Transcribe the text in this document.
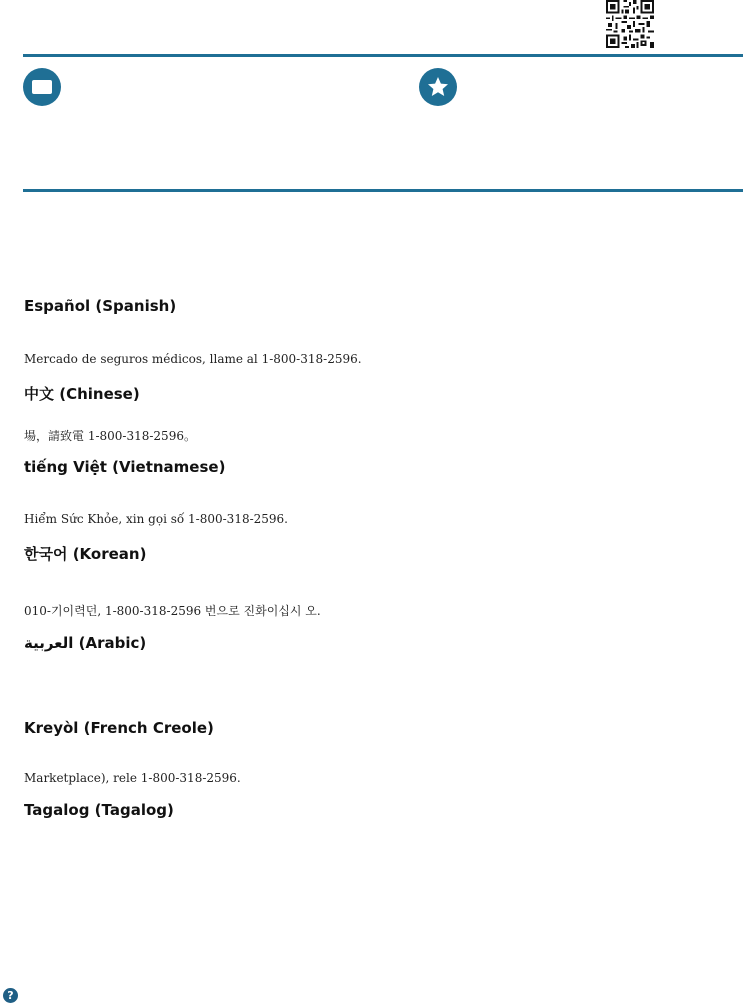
Español (Spanish)

Mercado de seguros médicos, llame al 1-800-318-2596.

中文 (Chinese)

場，請致電 1-800-318-2596。

tiếng Việt (Vietnamese)

Hiểm Sức Khỏe, xin gọi số 1-800-318-2596.

한국어 (Korean)

010-기이력던, 1-800-318-2596 번으로 진화이십시 오.

العربية (Arabic)
Kreyòl (French Creole)

Marketplace), rele 1-800-318-2596.

Tagalog (Tagalog)
?
